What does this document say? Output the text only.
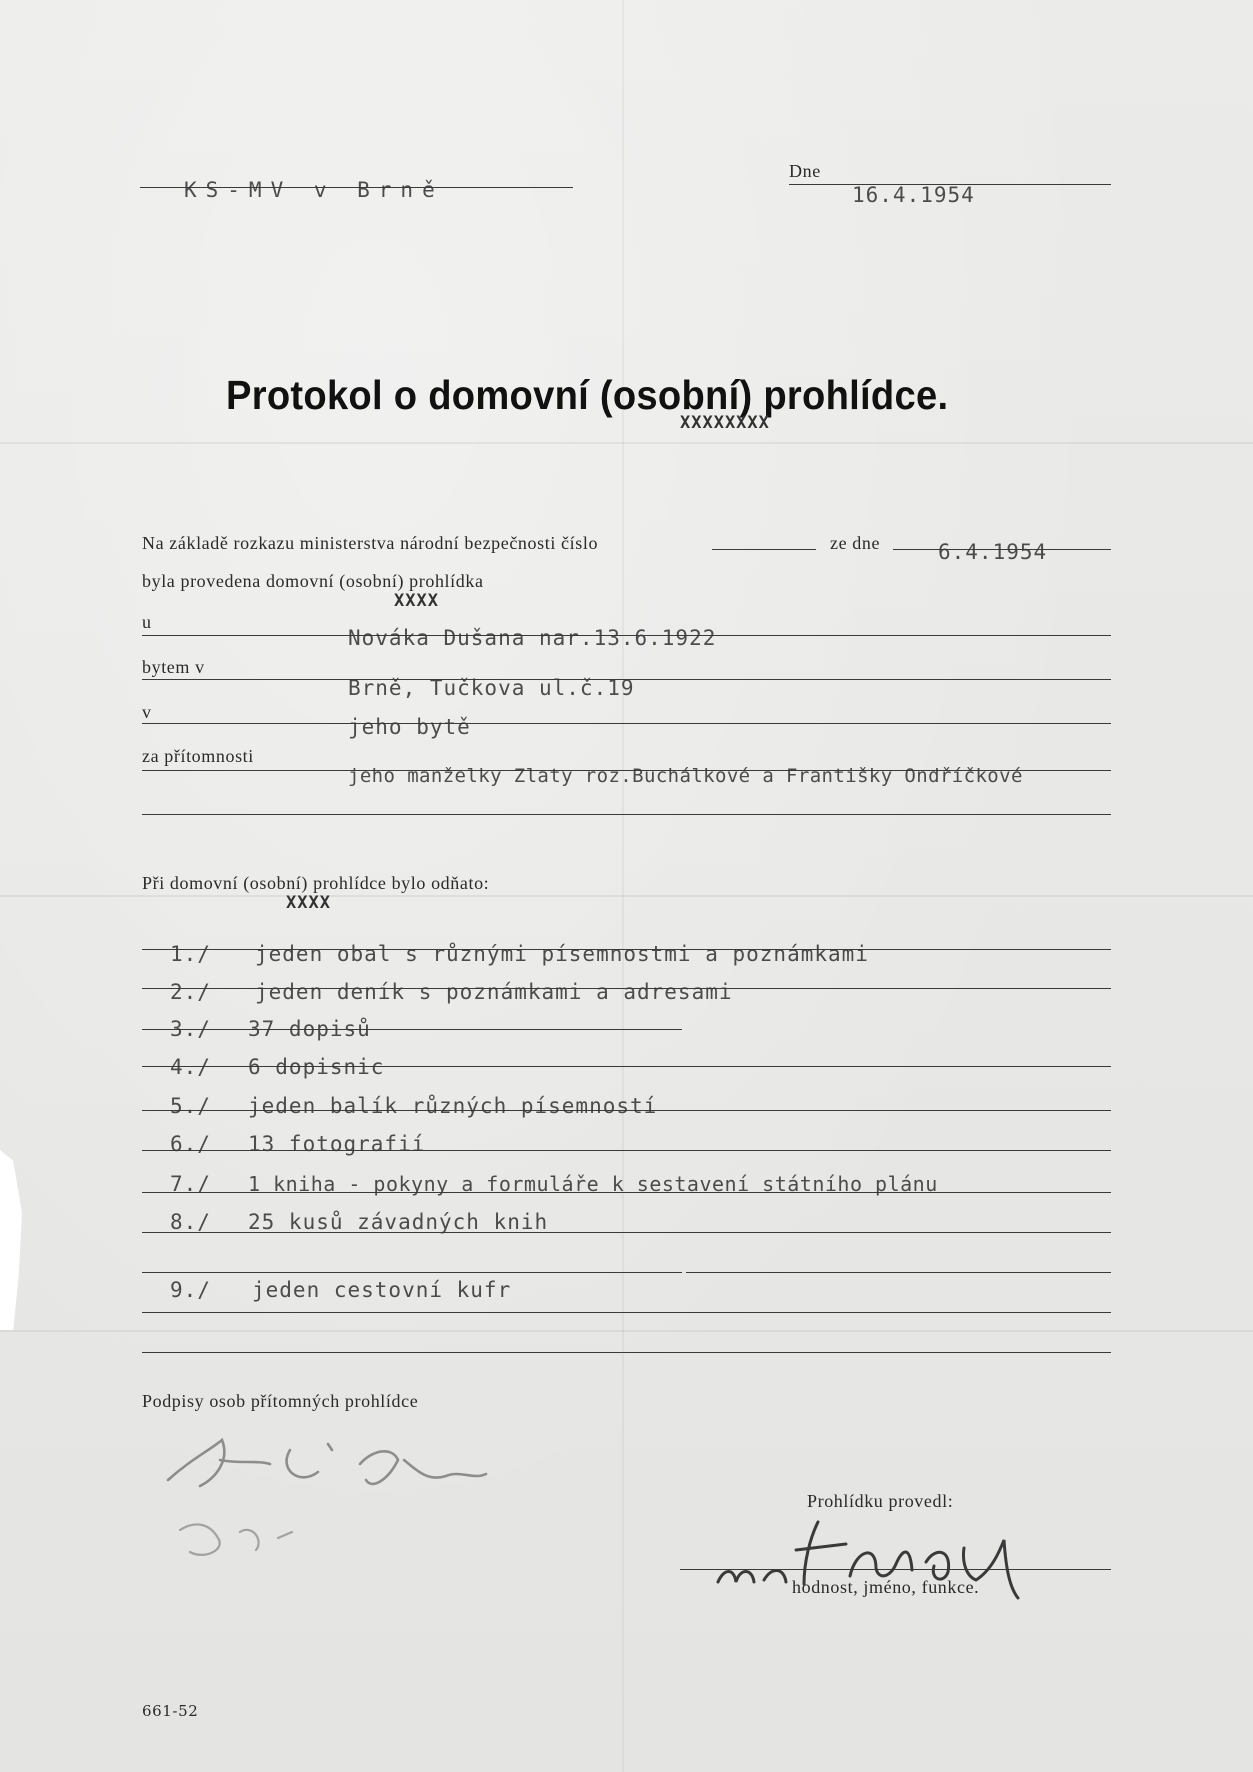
KS-MV v Brně
Dne
16.4.1954
Protokol o domovní (osobní) prohlídce.
XXXXXXXX
Na základě rozkazu ministerstva národní bezpečnosti číslo	ze dne	6.4.1954
byla provedena domovní (osobní) prohlídka
XXXX
u
Nováka Dušana nar.13.6.1922
bytem v
Brně, Tučkova ul.č.19
v
jeho bytě
za přítomnosti
jeho manželky Zlaty roz.Buchálkové a Františky Ondříčkové
Při domovní (osobní) prohlídce bylo odňato:
XXXX
1./ jeden obal s různými písemnostmi a poznámkami
2./ jeden deník s poznámkami a adresami
3./ 37 dopisů
4./ 6 dopisnic
5./ jeden balík různých písemností
6./ 13 fotografií
7./ 1 kniha - pokyny a formuláře k sestavení státního plánu
8./ 25 kusů závadných knih
9./ jeden cestovní kufr
Podpisy osob přítomných prohlídce
Prohlídku provedl:
hodnost, jméno, funkce.
661-52
